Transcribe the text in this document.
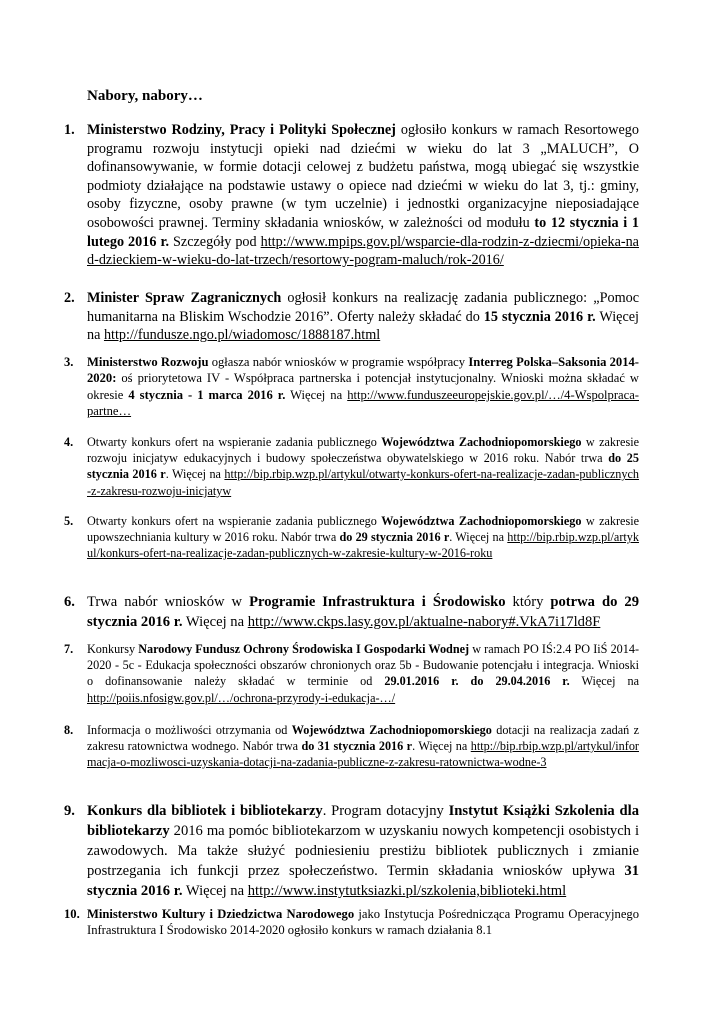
Nabory, nabory…
1. Ministerstwo Rodziny, Pracy i Polityki Społecznej ogłosiło konkurs w ramach Resortowego programu rozwoju instytucji opieki nad dziećmi w wieku do lat 3 „MALUCH”, O dofinansowywanie, w formie dotacji celowej z budżetu państwa, mogą ubiegać się wszystkie podmioty działające na podstawie ustawy o opiece nad dziećmi w wieku do lat 3, tj.: gminy, osoby fizyczne, osoby prawne (w tym uczelnie) i jednostki organizacyjne nieposiadające osobowości prawnej. Terminy składania wniosków, w zależności od modułu to 12 stycznia i 1 lutego 2016 r. Szczegóły pod http://www.mpips.gov.pl/wsparcie-dla-rodzin-z-dziecmi/opieka-nad-dzieckiem-w-wieku-do-lat-trzech/resortowy-pogram-maluch/rok-2016/
2. Minister Spraw Zagranicznych ogłosił konkurs na realizację zadania publicznego: „Pomoc humanitarna na Bliskim Wschodzie 2016”. Oferty należy składać do 15 stycznia 2016 r. Więcej na http://fundusze.ngo.pl/wiadomosc/1888187.html
3. Ministerstwo Rozwoju ogłasza nabór wniosków w programie współpracy Interreg Polska–Saksonia 2014-2020: oś priorytetowa IV - Współpraca partnerska i potencjał instytucjonalny. Wnioski można składać w okresie 4 stycznia - 1 marca 2016 r. Więcej na http://www.funduszeeuropejskie.gov.pl/…/4-Wspolpraca-partne…
4. Otwarty konkurs ofert na wspieranie zadania publicznego Województwa Zachodniopomorskiego w zakresie rozwoju inicjatyw edukacyjnych i budowy społeczeństwa obywatelskiego w 2016 roku. Nabór trwa do 25 stycznia 2016 r. Więcej na http://bip.rbip.wzp.pl/artykul/otwarty-konkurs-ofert-na-realizacje-zadan-publicznych-z-zakresu-rozwoju-inicjatyw
5. Otwarty konkurs ofert na wspieranie zadania publicznego Województwa Zachodniopomorskiego w zakresie upowszechniania kultury w 2016 roku. Nabór trwa do 29 stycznia 2016 r. Więcej na http://bip.rbip.wzp.pl/artykul/konkurs-ofert-na-realizacje-zadan-publicznych-w-zakresie-kultury-w-2016-roku
6. Trwa nabór wniosków w Programie Infrastruktura i Środowisko który potrwa do 29 stycznia 2016 r. Więcej na http://www.ckps.lasy.gov.pl/aktualne-nabory#.VkA7i17ld8F
7. Konkursy Narodowy Fundusz Ochrony Środowiska I Gospodarki Wodnej w ramach PO IŚ:2.4 PO IiŚ 2014-2020 - 5c - Edukacja społeczności obszarów chronionych oraz 5b - Budowanie potencjału i integracja. Wnioski o dofinansowanie należy składać w terminie od 29.01.2016 r. do 29.04.2016 r. Więcej na http://poiis.nfosigw.gov.pl/…/ochrona-przyrody-i-edukacja-…/
8. Informacja o możliwości otrzymania od Województwa Zachodniopomorskiego dotacji na realizacja zadań z zakresu ratownictwa wodnego. Nabór trwa do 31 stycznia 2016 r. Więcej na http://bip.rbip.wzp.pl/artykul/informacja-o-mozliwosci-uzyskania-dotacji-na-zadania-publiczne-z-zakresu-ratownictwa-wodne-3
9. Konkurs dla bibliotek i bibliotekarzy. Program dotacyjny Instytut Książki Szkolenia dla bibliotekarzy 2016 ma pomóc bibliotekarzom w uzyskaniu nowych kompetencji osobistych i zawodowych. Ma także służyć podniesieniu prestiżu bibliotek publicznych i zmianie postrzegania ich funkcji przez społeczeństwo. Termin składania wniosków upływa 31 stycznia 2016 r. Więcej na http://www.instytutksiazki.pl/szkolenia,biblioteki.html
10. Ministerstwo Kultury i Dziedzictwa Narodowego jako Instytucja Pośrednicząca Programu Operacyjnego Infrastruktura I Środowisko 2014-2020 ogłosiło konkurs w ramach działania 8.1
